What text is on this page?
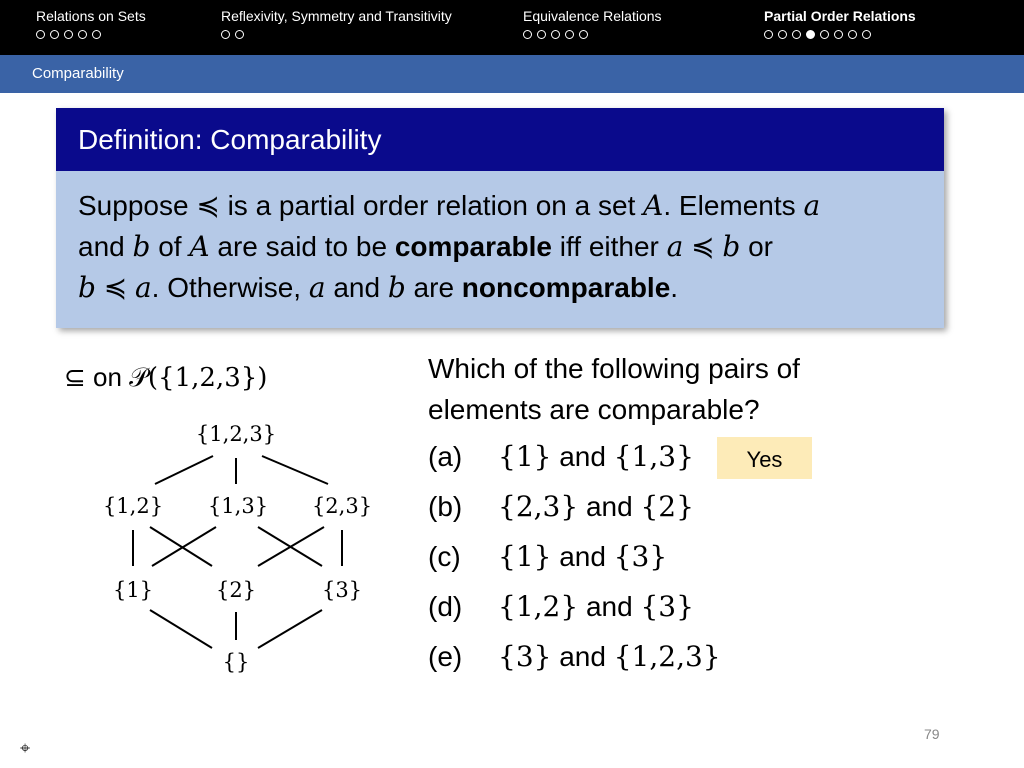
Relations on Sets	Reflexivity, Symmetry and Transitivity	Equivalence Relations	Partial Order Relations
Comparability
Definition: Comparability
Suppose ≼ is a partial order relation on a set A. Elements a
and b of A are said to be comparable iff either a ≼ b or
b ≼ a. Otherwise, a and b are noncomparable.
⊆ on 𝒫({1,2,3})
{1,2,3}
{1,2} {1,3} {2,3}
{1}	{2}	{3}
{}
Which of the following pairs of elements are comparable?
(a) {1} and {1,3}
(b) {2,3} and {2}
(c) {1} and {3}
(d) {1,2} and {3}
(e) {3} and {1,2,3}
Yes
79
⌖
